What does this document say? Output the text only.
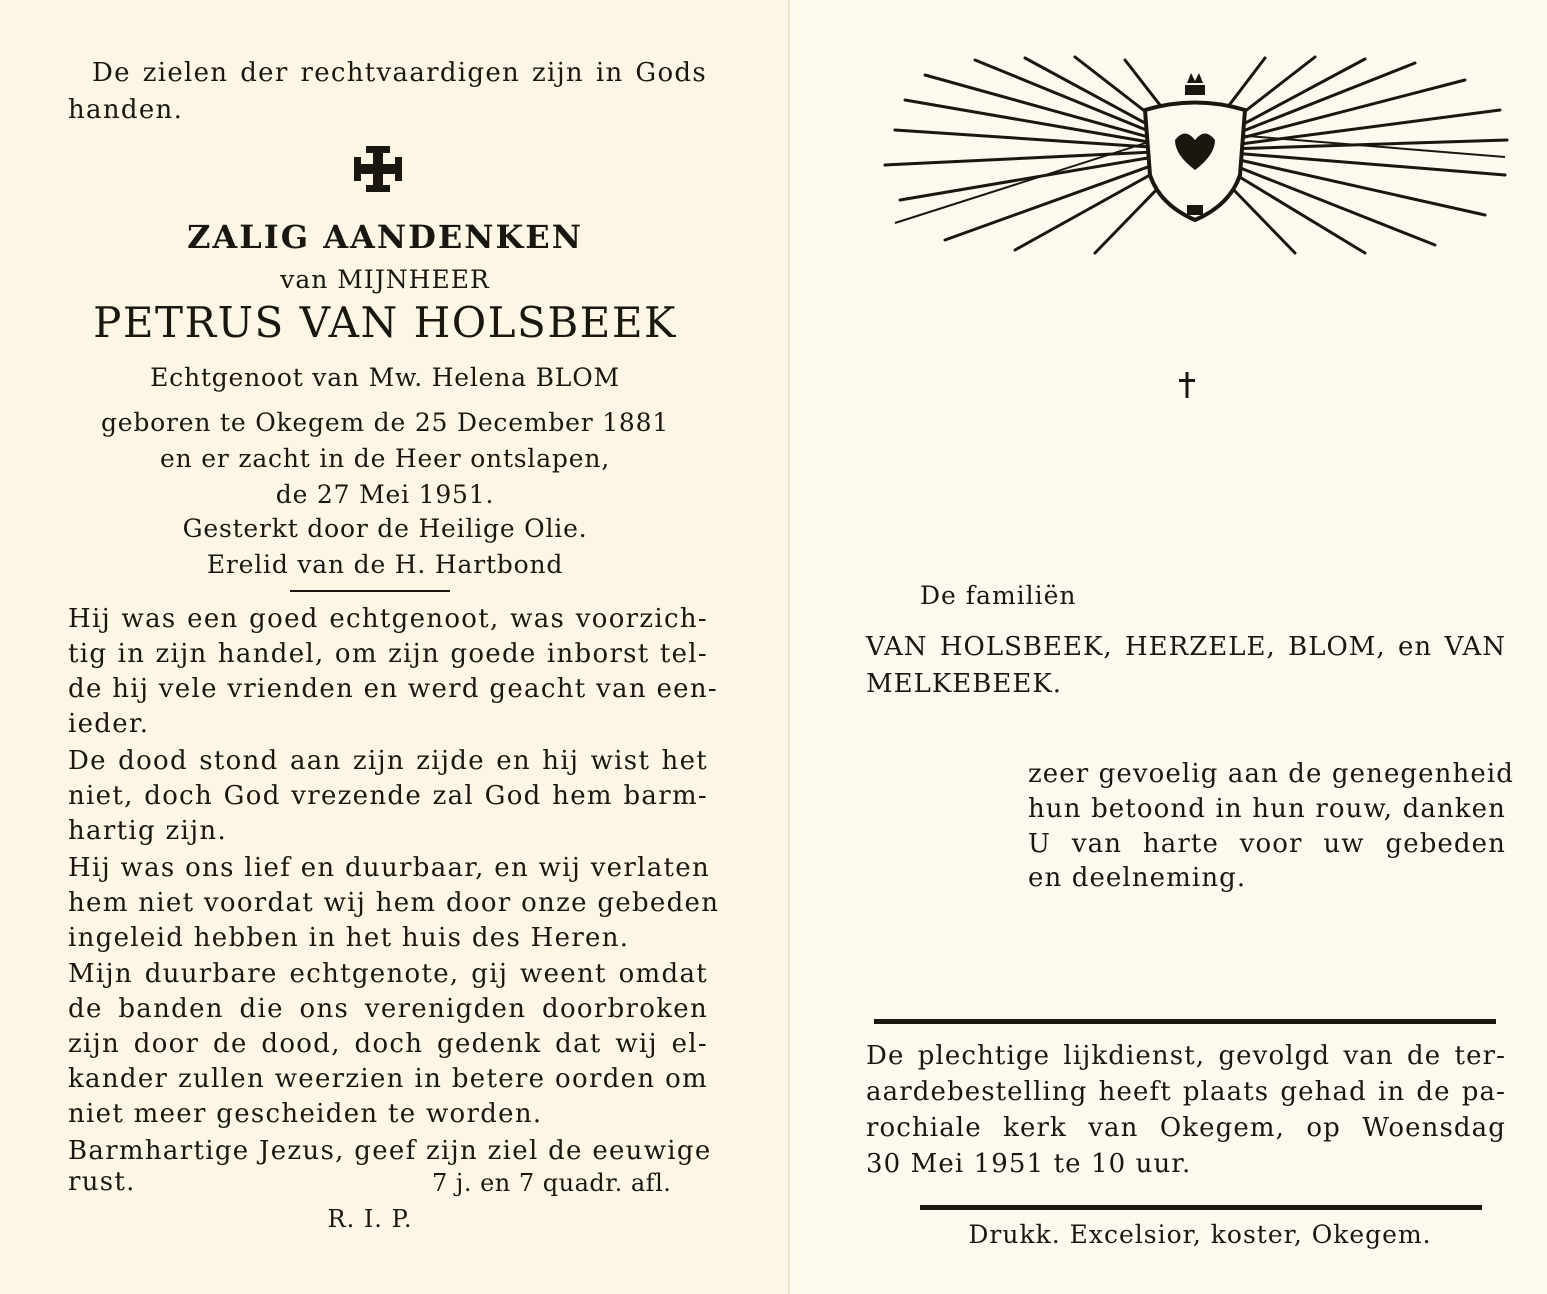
De zielen der rechtvaardigen zijn in Gods

handen.

ZALIG AANDENKEN

van MIJNHEER

PETRUS VAN HOLSBEEK

Echtgenoot van Mw. Helena BLOM

geboren te Okegem de 25 December 1881

en er zacht in de Heer ontslapen,

de 27 Mei 1951.

Gesterkt door de Heilige Olie.

Erelid van de H. Hartbond

Hij was een goed echtgenoot, was voorzich-

tig in zijn handel, om zijn goede inborst tel-

de hij vele vrienden en werd geacht van een-

ieder.

De dood stond aan zijn zijde en hij wist het

niet, doch God vrezende zal God hem barm-

hartig zijn.

Hij was ons lief en duurbaar, en wij verlaten

hem niet voordat wij hem door onze gebeden

ingeleid hebben in het huis des Heren.

Mijn duurbare echtgenote, gij weent omdat

de banden die ons verenigden doorbroken

zijn door de dood, doch gedenk dat wij el-

kander zullen weerzien in betere oorden om

niet meer gescheiden te worden.

Barmhartige Jezus, geef zijn ziel de eeuwige

rust.	7 j. en 7 quadr. afl.

R. I. P.

De familiën

VAN HOLSBEEK, HERZELE, BLOM, en VAN

MELKEBEEK.

zeer gevoelig aan de genegenheid

hun betoond in hun rouw, danken

U van harte voor uw gebeden

en deelneming.

De plechtige lijkdienst, gevolgd van de ter-

aardebestelling heeft plaats gehad in de pa-

rochiale kerk van Okegem, op Woensdag

30 Mei 1951 te 10 uur.

Drukk. Excelsior, koster, Okegem.
